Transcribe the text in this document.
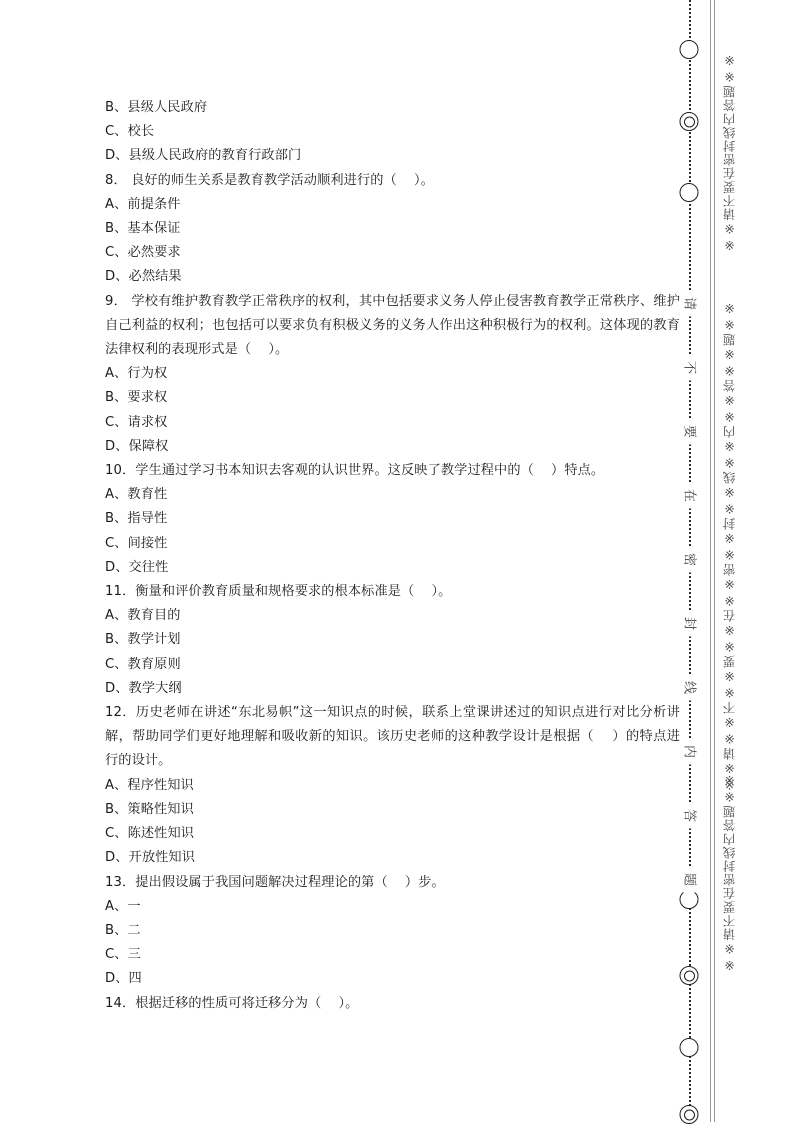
B、县级人民政府
C、校长
D、县级人民政府的教育行政部门
8． 良好的师生关系是教育教学活动顺利进行的（    ）。
A、前提条件
B、基本保证
C、必然要求
D、必然结果
9． 学校有维护教育教学正常秩序的权利，其中包括要求义务人停止侵害教育教学正常秩序、维护自己利益的权利；也包括可以要求负有积极义务的义务人作出这种积极行为的权利。这体现的教育法律权利的表现形式是（    ）。
A、行为权
B、要求权
C、请求权
D、保障权
10．学生通过学习书本知识去客观的认识世界。这反映了教学过程中的（    ）特点。
A、教育性
B、指导性
C、间接性
D、交往性
11．衡量和评价教育质量和规格要求的根本标准是（    ）。
A、教育目的
B、教学计划
C、教育原则
D、教学大纲
12．历史老师在讲述“东北易帜”这一知识点的时候，联系上堂课讲述过的知识点进行对比分析讲解，帮助同学们更好地理解和吸收新的知识。该历史老师的这种教学设计是根据（    ）的特点进行的设计。
A、程序性知识
B、策略性知识
C、陈述性知识
D、开放性知识
13．提出假设属于我国问题解决过程理论的第（    ）步。
A、一
B、二
C、三
D、四
14．根据迁移的性质可将迁移分为（    ）。
请
不
要
在
密
封
线
内
答
题
※※请不要在密封线内答题※※
※※请※※不※※要※※在※※密※※封※※线※※内※※答※※题※※
※※请不要在密封线内答题※※
